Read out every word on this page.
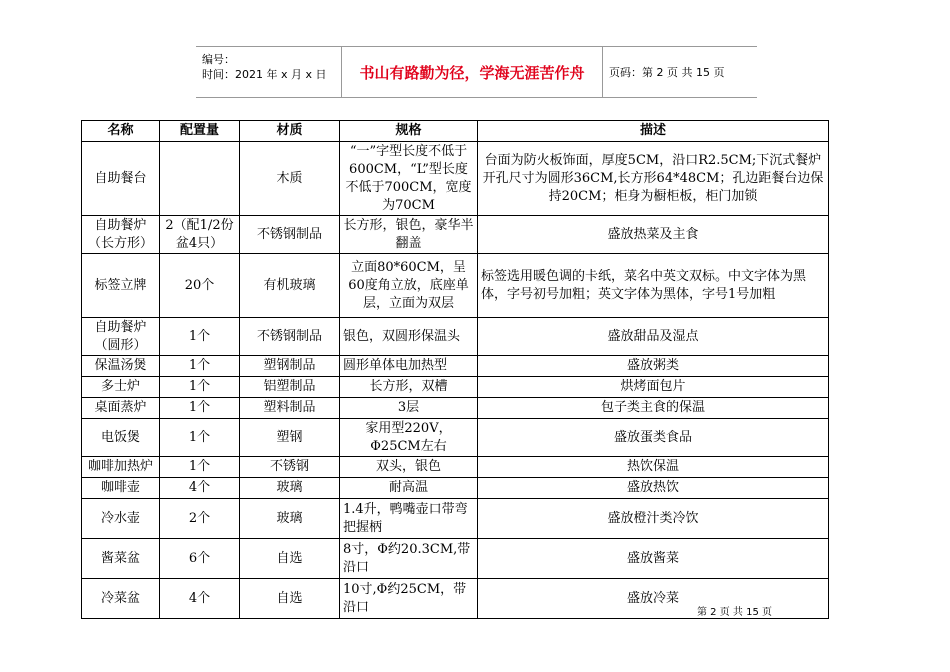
编号：
时间：2021 年 x 月 x 日	书山有路勤为径，学海无涯苦作舟	页码：第 2 页 共 15 页
名称	配置量	材质	规格	描述
自助餐台		木质	“一”字型长度不低于600CM，“L”型长度不低于700CM，宽度为70CM	台面为防火板饰面，厚度5CM，沿口R2.5CM;下沉式餐炉开孔尺寸为圆形36CM,长方形64*48CM；孔边距餐台边保持20CM；柜身为橱柜板，柜门加锁
自助餐炉（长方形）	2（配1/2份盆4只）	不锈钢制品	长方形，银色，豪华半翻盖	盛放热菜及主食
标签立牌	20个	有机玻璃	立面80*60CM，呈60度角立放，底座单层，立面为双层	标签选用暖色调的卡纸，菜名中英文双标。中文字体为黑体，字号初号加粗；英文字体为黑体，字号1号加粗
自助餐炉（圆形）	1个	不锈钢制品	银色，双圆形保温头	盛放甜品及湿点
保温汤煲	1个	塑钢制品	圆形单体电加热型	盛放粥类
多士炉	1个	铝塑制品	长方形，双槽	烘烤面包片
桌面蒸炉	1个	塑料制品	3层	包子类主食的保温
电饭煲	1个	塑钢	家用型220V，Φ25CM左右	盛放蛋类食品
咖啡加热炉	1个	不锈钢	双头，银色	热饮保温
咖啡壶	4个	玻璃	耐高温	盛放热饮
冷水壶	2个	玻璃	1.4升，鸭嘴壶口带弯把握柄	盛放橙汁类冷饮
酱菜盆	6个	自选	8寸，Φ约20.3CM,带沿口	盛放酱菜
冷菜盆	4个	自选	10寸,Φ约25CM，带沿口	盛放冷菜
第 2 页 共 15 页
